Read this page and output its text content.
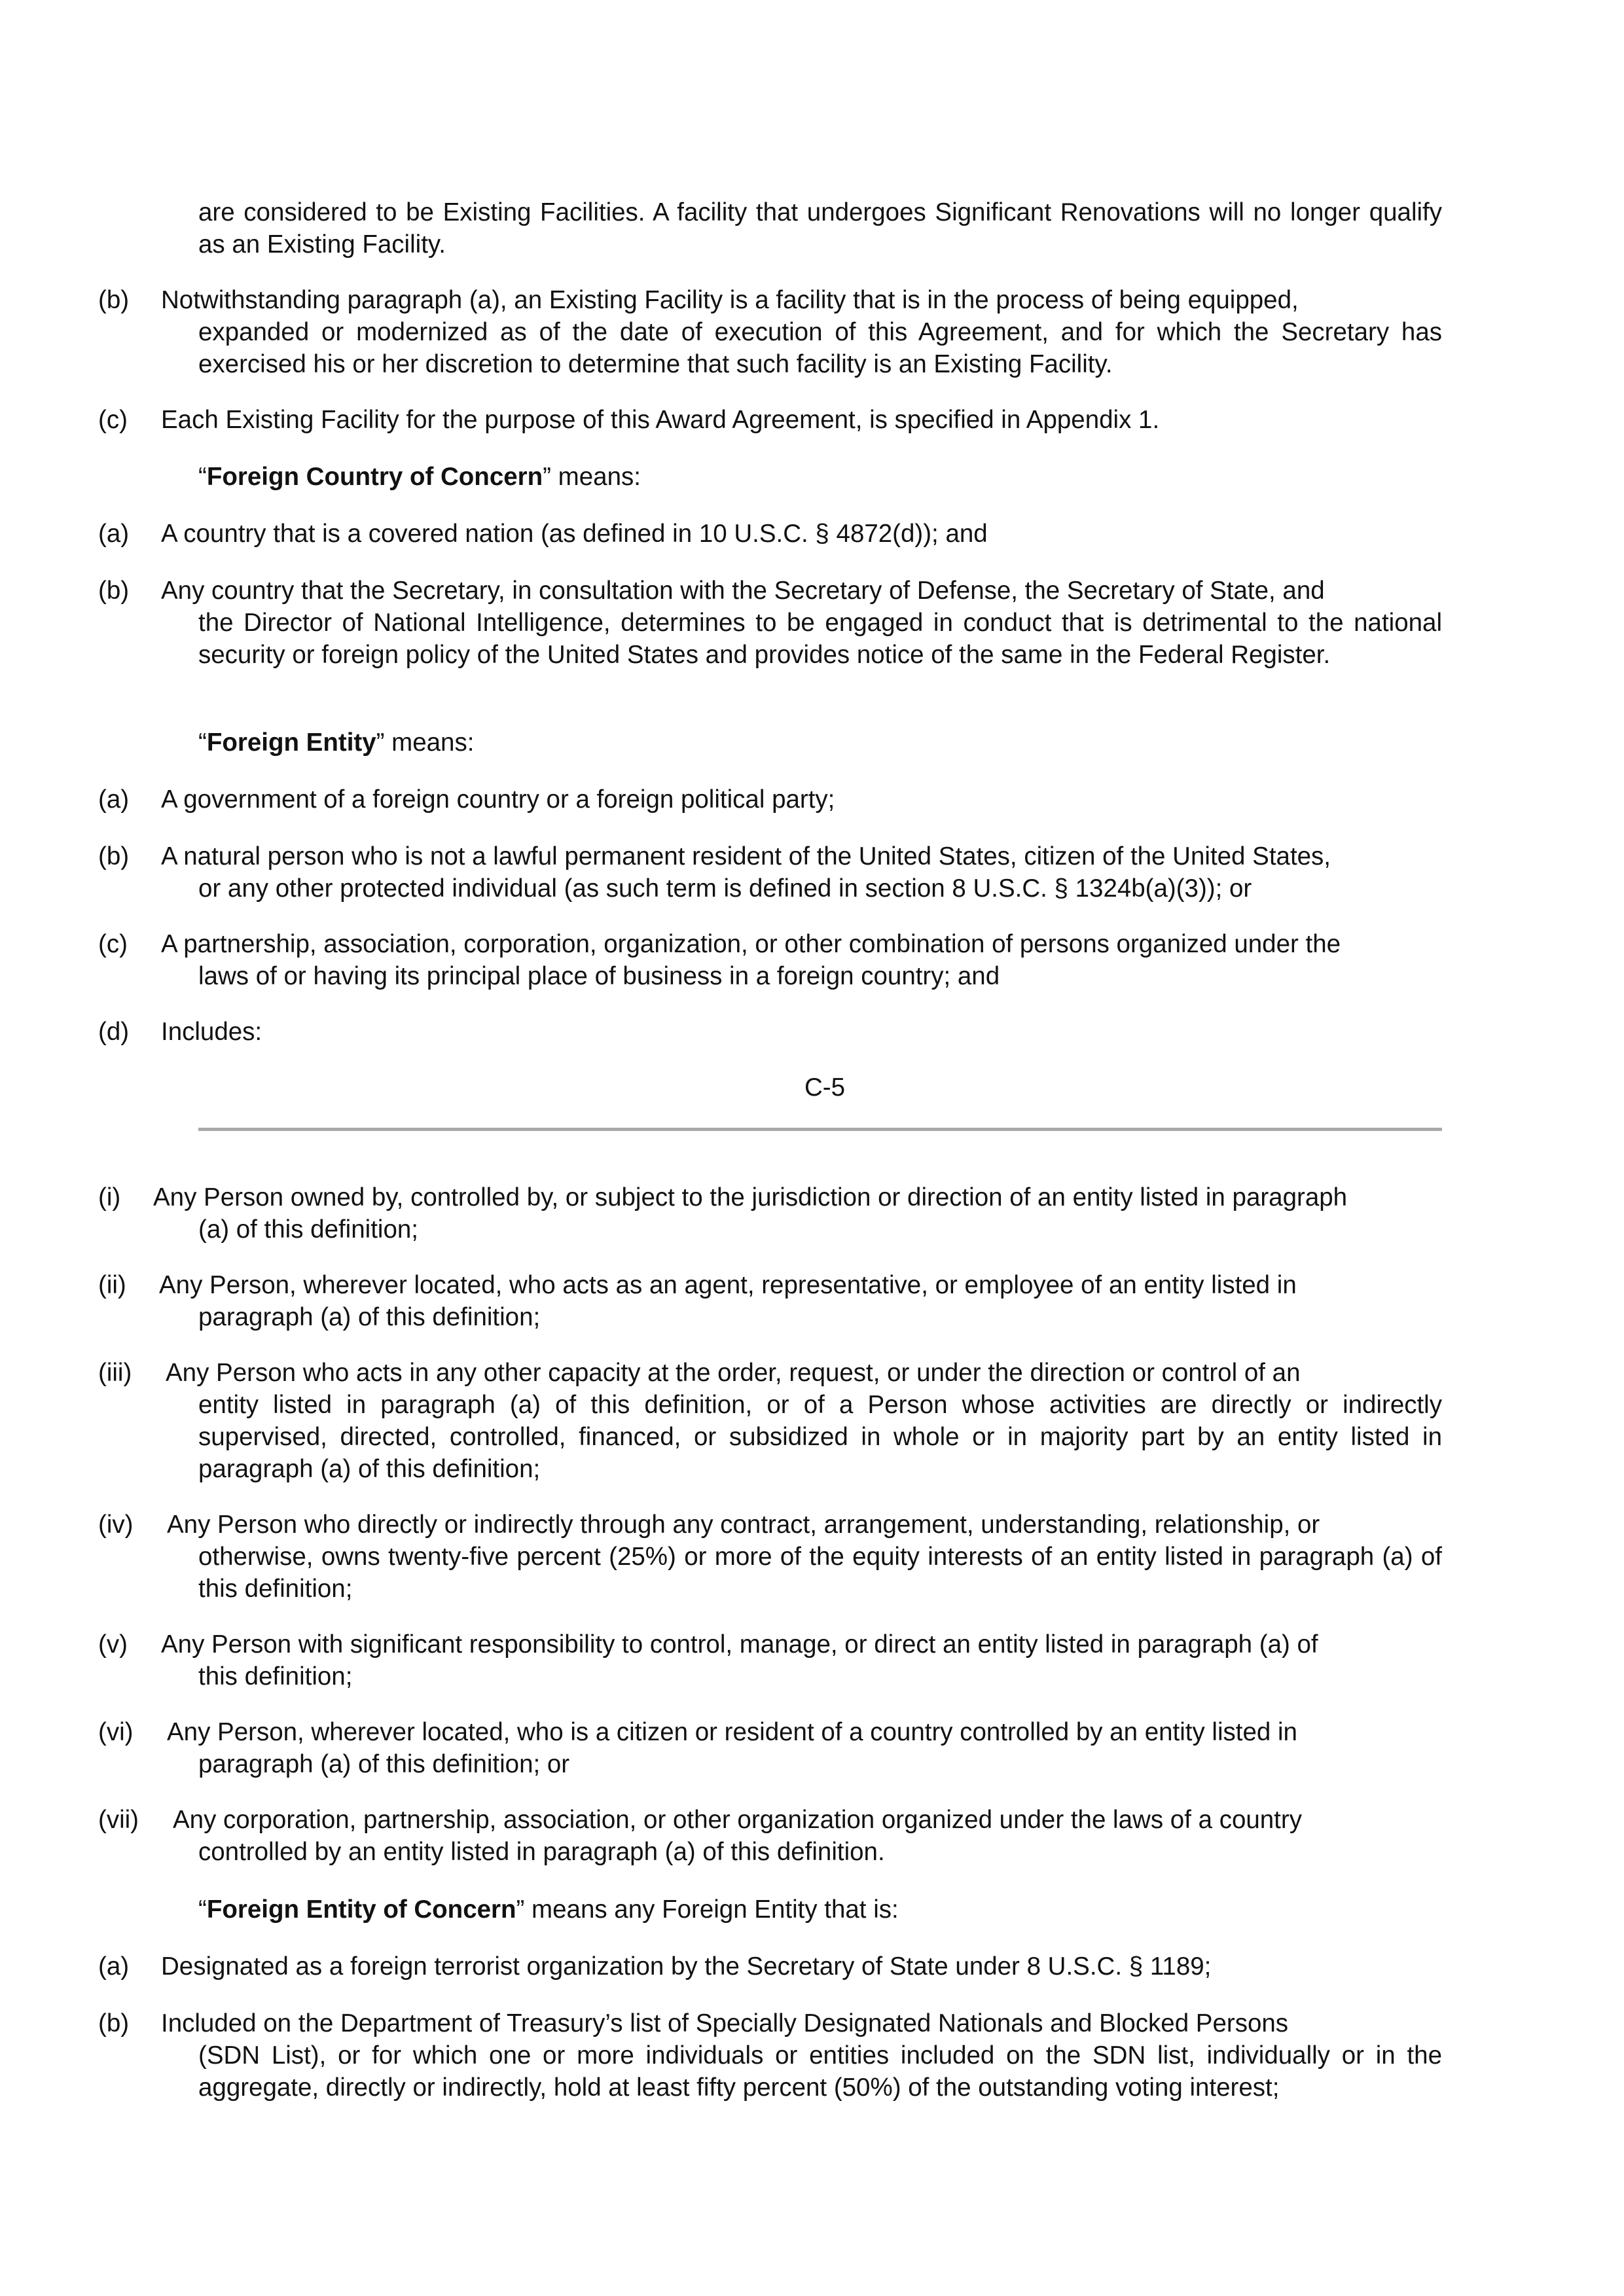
are considered to be Existing Facilities. A facility that undergoes Significant Renovations will no longer qualify as an Existing Facility.
(b) Notwithstanding paragraph (a), an Existing Facility is a facility that is in the process of being equipped,
expanded or modernized as of the date of execution of this Agreement, and for which the Secretary has exercised his or her discretion to determine that such facility is an Existing Facility.
(c) Each Existing Facility for the purpose of this Award Agreement, is specified in Appendix 1.
“Foreign Country of Concern” means:
(a) A country that is a covered nation (as defined in 10 U.S.C. § 4872(d)); and
(b) Any country that the Secretary, in consultation with the Secretary of Defense, the Secretary of State, and
the Director of National Intelligence, determines to be engaged in conduct that is detrimental to the national security or foreign policy of the United States and provides notice of the same in the Federal Register.
“Foreign Entity” means:
(a) A government of a foreign country or a foreign political party;
(b) A natural person who is not a lawful permanent resident of the United States, citizen of the United States,
or any other protected individual (as such term is defined in section 8 U.S.C. § 1324b(a)(3)); or
(c) A partnership, association, corporation, organization, or other combination of persons organized under the
laws of or having its principal place of business in a foreign country; and
(d) Includes:
C-5
(i) Any Person owned by, controlled by, or subject to the jurisdiction or direction of an entity listed in paragraph
(a) of this definition;
(ii) Any Person, wherever located, who acts as an agent, representative, or employee of an entity listed in
paragraph (a) of this definition;
(iii) Any Person who acts in any other capacity at the order, request, or under the direction or control of an
entity listed in paragraph (a) of this definition, or of a Person whose activities are directly or indirectly supervised, directed, controlled, financed, or subsidized in whole or in majority part by an entity listed in paragraph (a) of this definition;
(iv) Any Person who directly or indirectly through any contract, arrangement, understanding, relationship, or
otherwise, owns twenty-five percent (25%) or more of the equity interests of an entity listed in paragraph (a) of this definition;
(v) Any Person with significant responsibility to control, manage, or direct an entity listed in paragraph (a) of
this definition;
(vi) Any Person, wherever located, who is a citizen or resident of a country controlled by an entity listed in
paragraph (a) of this definition; or
(vii) Any corporation, partnership, association, or other organization organized under the laws of a country
controlled by an entity listed in paragraph (a) of this definition.
“Foreign Entity of Concern” means any Foreign Entity that is:
(a) Designated as a foreign terrorist organization by the Secretary of State under 8 U.S.C. § 1189;
(b) Included on the Department of Treasury’s list of Specially Designated Nationals and Blocked Persons
(SDN List), or for which one or more individuals or entities included on the SDN list, individually or in the aggregate, directly or indirectly, hold at least fifty percent (50%) of the outstanding voting interest;
